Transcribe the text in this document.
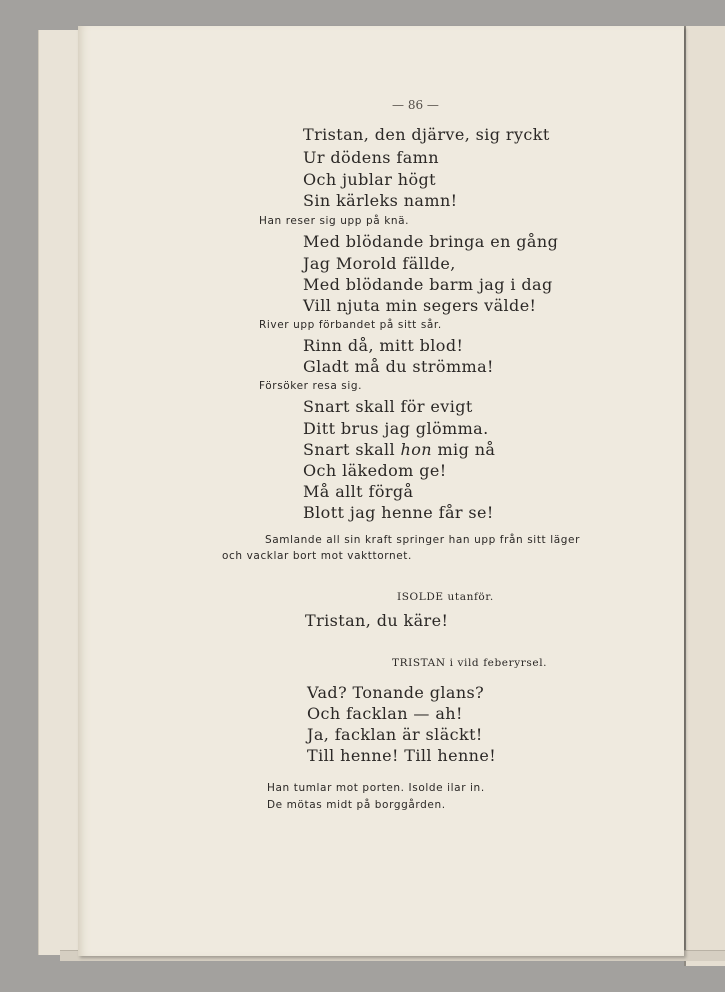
— 86 —
Tristan, den djärve, sig ryckt
Ur dödens famn
Och jublar högt
Sin kärleks namn!
Han reser sig upp på knä.
Med blödande bringa en gång
Jag Morold fällde,
Med blödande barm jag i dag
Vill njuta min segers välde!
River upp förbandet på sitt sår.
Rinn då, mitt blod!
Gladt må du strömma!
Försöker resa sig.
Snart skall för evigt
Ditt brus jag glömma.
Snart skall hon mig nå
Och läkedom ge!
Må allt förgå
Blott jag henne får se!
Samlande all sin kraft springer han upp från sitt läger
och vacklar bort mot vakttornet.
ISOLDE utanför.
Tristan, du käre!
TRISTAN i vild feberyrsel.
Vad? Tonande glans?
Och facklan — ah!
Ja, facklan är släckt!
Till henne! Till henne!
Han tumlar mot porten. Isolde ilar in.
De mötas midt på borggården.
